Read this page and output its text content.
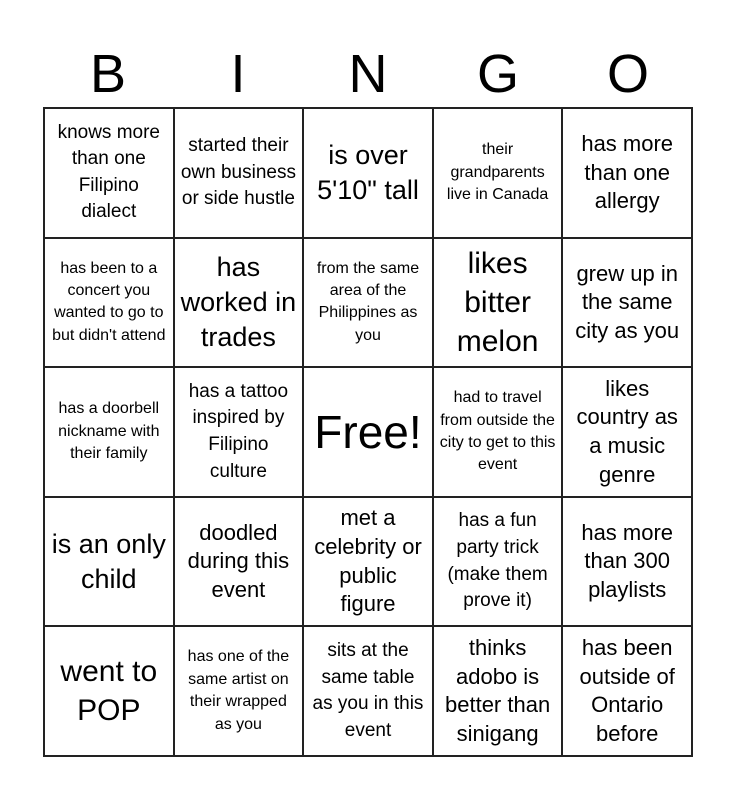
B	I	N	G	O
knows more than one Filipino dialect
started their own business or side hustle
is over 5'10" tall
their grandparents live in Canada
has more than one allergy
has been to a concert you wanted to go to but didn't attend
has worked in trades
from the same area of the Philippines as you
likes bitter melon
grew up in the same city as you
has a doorbell nickname with their family
has a tattoo inspired by Filipino culture
Free!
had to travel from outside the city to get to this event
likes country as a music genre
is an only child
doodled during this event
met a celebrity or public figure
has a fun party trick (make them prove it)
has more than 300 playlists
went to POP
has one of the same artist on their wrapped as you
sits at the same table as you in this event
thinks adobo is better than sinigang
has been outside of Ontario before
